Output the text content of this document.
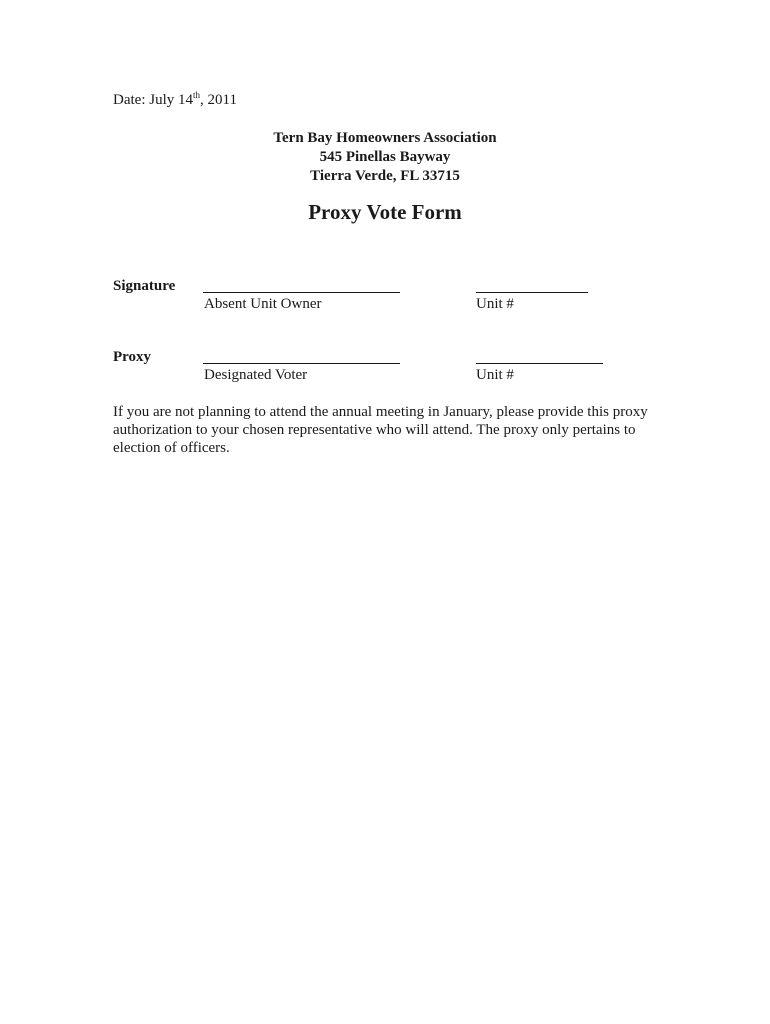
Date: July 14th, 2011
Tern Bay Homeowners Association
545 Pinellas Bayway
Tierra Verde, FL 33715
Proxy Vote Form
Signature
Absent Unit Owner	Unit #
Proxy
Designated Voter	Unit #
If you are not planning to attend the annual meeting in January, please provide this proxy authorization to your chosen representative who will attend. The proxy only pertains to election of officers.
